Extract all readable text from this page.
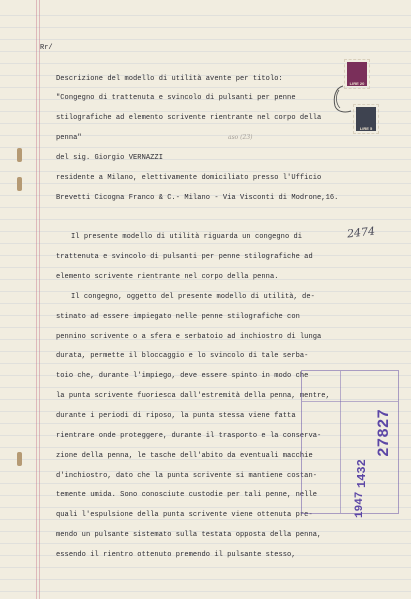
Rr/
LIRE 20
LIRE 5
2474
aso (23)
Descrizione del modello di utilità avente per titolo:
"Congegno di trattenuta e svincolo di pulsanti per penne
stilografiche ad elemento scrivente rientrante nel corpo della
penna"
del sig. Giorgio VERNAZZI
residente a Milano, elettivamente domiciliato presso l'Ufficio
Brevetti Cicogna Franco & C.- Milano - Via Visconti di Modrone,16.
Il presente modello di utilità riguarda un congegno di
trattenuta e svincolo di pulsanti per penne stilografiche ad
elemento scrivente rientrante nel corpo della penna.
Il congegno, oggetto del presente modello di utilità, de-
stinato ad essere impiegato nelle penne stilografiche con
pennino scrivente o a sfera e serbatoio ad inchiostro di lunga
durata, permette il bloccaggio e lo svincolo di tale serba-
toio che, durante l'impiego, deve essere spinto in modo che
la punta scrivente fuoriesca dall'estremità della penna, mentre,
durante i periodi di riposo, la punta stessa viene fatta
rientrare onde proteggere, durante il trasporto e la conserva-
zione della penna, le tasche dell'abito da eventuali macchie
d'inchiostro, dato che la punta scrivente si mantiene costan-
temente umida. Sono conosciute custodie per tali penne, nelle
quali l'espulsione della punta scrivente viene ottenuta pre-
mendo un pulsante sistemato sulla testata opposta della penna,
essendo il rientro ottenuto premendo il pulsante stesso,
1947
1432
27827
